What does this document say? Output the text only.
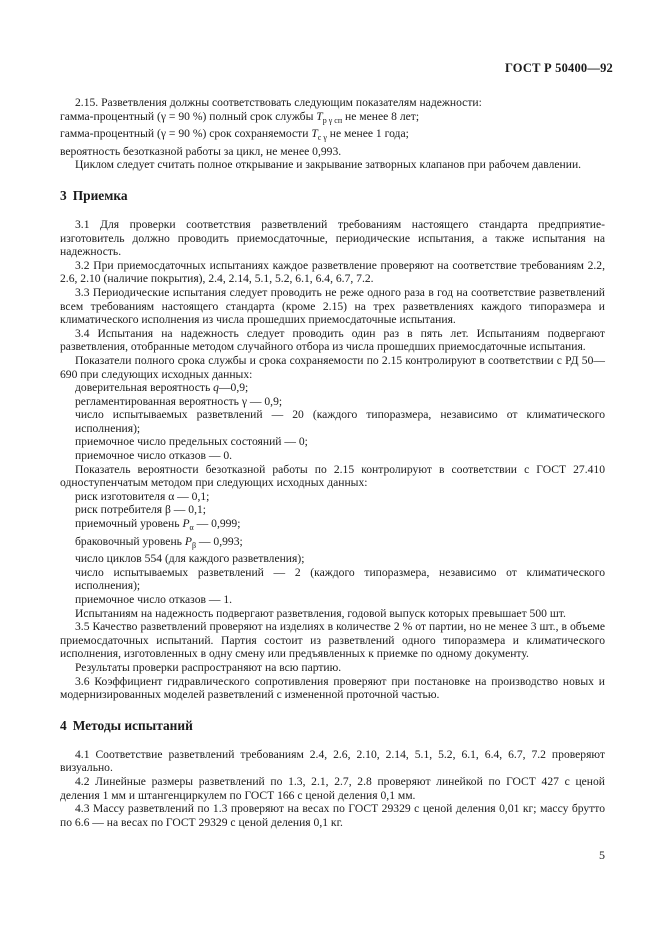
ГОСТ Р 50400—92

2.15. Разветвления должны соответствовать следующим показателям надежности:

гамма-процентный (γ = 90 %) полный срок службы $T_{р \gamma сп}$ не менее 8 лет;

гамма-процентный (γ = 90 %) срок сохраняемости $T_{с \gamma}$ не менее 1 года;

вероятность безотказной работы за цикл, не менее 0,993.

Циклом следует считать полное открывание и закрывание затворных клапанов при рабочем давлении.

3 Приемка

3.1 Для проверки соответствия разветвлений требованиям настоящего стандарта предприятие-изготовитель должно проводить приемосдаточные, периодические испытания, а также испытания на надежность.

3.2 При приемосдаточных испытаниях каждое разветвление проверяют на соответствие требованиям 2.2, 2.6, 2.10 (наличие покрытия), 2.4, 2.14, 5.1, 5.2, 6.1, 6.4, 6.7, 7.2.

3.3 Периодические испытания следует проводить не реже одного раза в год на соответствие разветвлений всем требованиям настоящего стандарта (кроме 2.15) на трех разветвлениях каждого типоразмера и климатического исполнения из числа прошедших приемосдаточные испытания.

3.4 Испытания на надежность следует проводить один раз в пять лет. Испытаниям подвергают разветвления, отобранные методом случайного отбора из числа прошедших приемосдаточные испытания.

Показатели полного срока службы и срока сохраняемости по 2.15 контролируют в соответствии с РД 50—690 при следующих исходных данных:

доверительная вероятность q—0,9;

регламентированная вероятность γ — 0,9;

число испытываемых разветвлений — 20 (каждого типоразмера, независимо от климатического исполнения);

приемочное число предельных состояний — 0;

приемочное число отказов — 0.

Показатель вероятности безотказной работы по 2.15 контролируют в соответствии с ГОСТ 27.410 одноступенчатым методом при следующих исходных данных:

риск изготовителя α — 0,1;

риск потребителя β — 0,1;

приемочный уровень $P_\alpha$ — 0,999;

браковочный уровень $P_\beta$ — 0,993;

число циклов 554 (для каждого разветвления);

число испытываемых разветвлений — 2 (каждого типоразмера, независимо от климатического исполнения);

приемочное число отказов — 1.

Испытаниям на надежность подвергают разветвления, годовой выпуск которых превышает 500 шт.

3.5 Качество разветвлений проверяют на изделиях в количестве 2 % от партии, но не менее 3 шт., в объеме приемосдаточных испытаний. Партия состоит из разветвлений одного типоразмера и климатического исполнения, изготовленных в одну смену или предъявленных к приемке по одному документу.

Результаты проверки распространяют на всю партию.

3.6 Коэффициент гидравлического сопротивления проверяют при постановке на производство новых и модернизированных моделей разветвлений с измененной проточной частью.

4 Методы испытаний

4.1 Соответствие разветвлений требованиям 2.4, 2.6, 2.10, 2.14, 5.1, 5.2, 6.1, 6.4, 6.7, 7.2 проверяют визуально.

4.2 Линейные размеры разветвлений по 1.3, 2.1, 2.7, 2.8 проверяют линейкой по ГОСТ 427 с ценой деления 1 мм и штангенциркулем по ГОСТ 166 с ценой деления 0,1 мм.

4.3 Массу разветвлений по 1.3 проверяют на весах по ГОСТ 29329 с ценой деления 0,01 кг; массу брутто по 6.6 — на весах по ГОСТ 29329 с ценой деления 0,1 кг.

5
